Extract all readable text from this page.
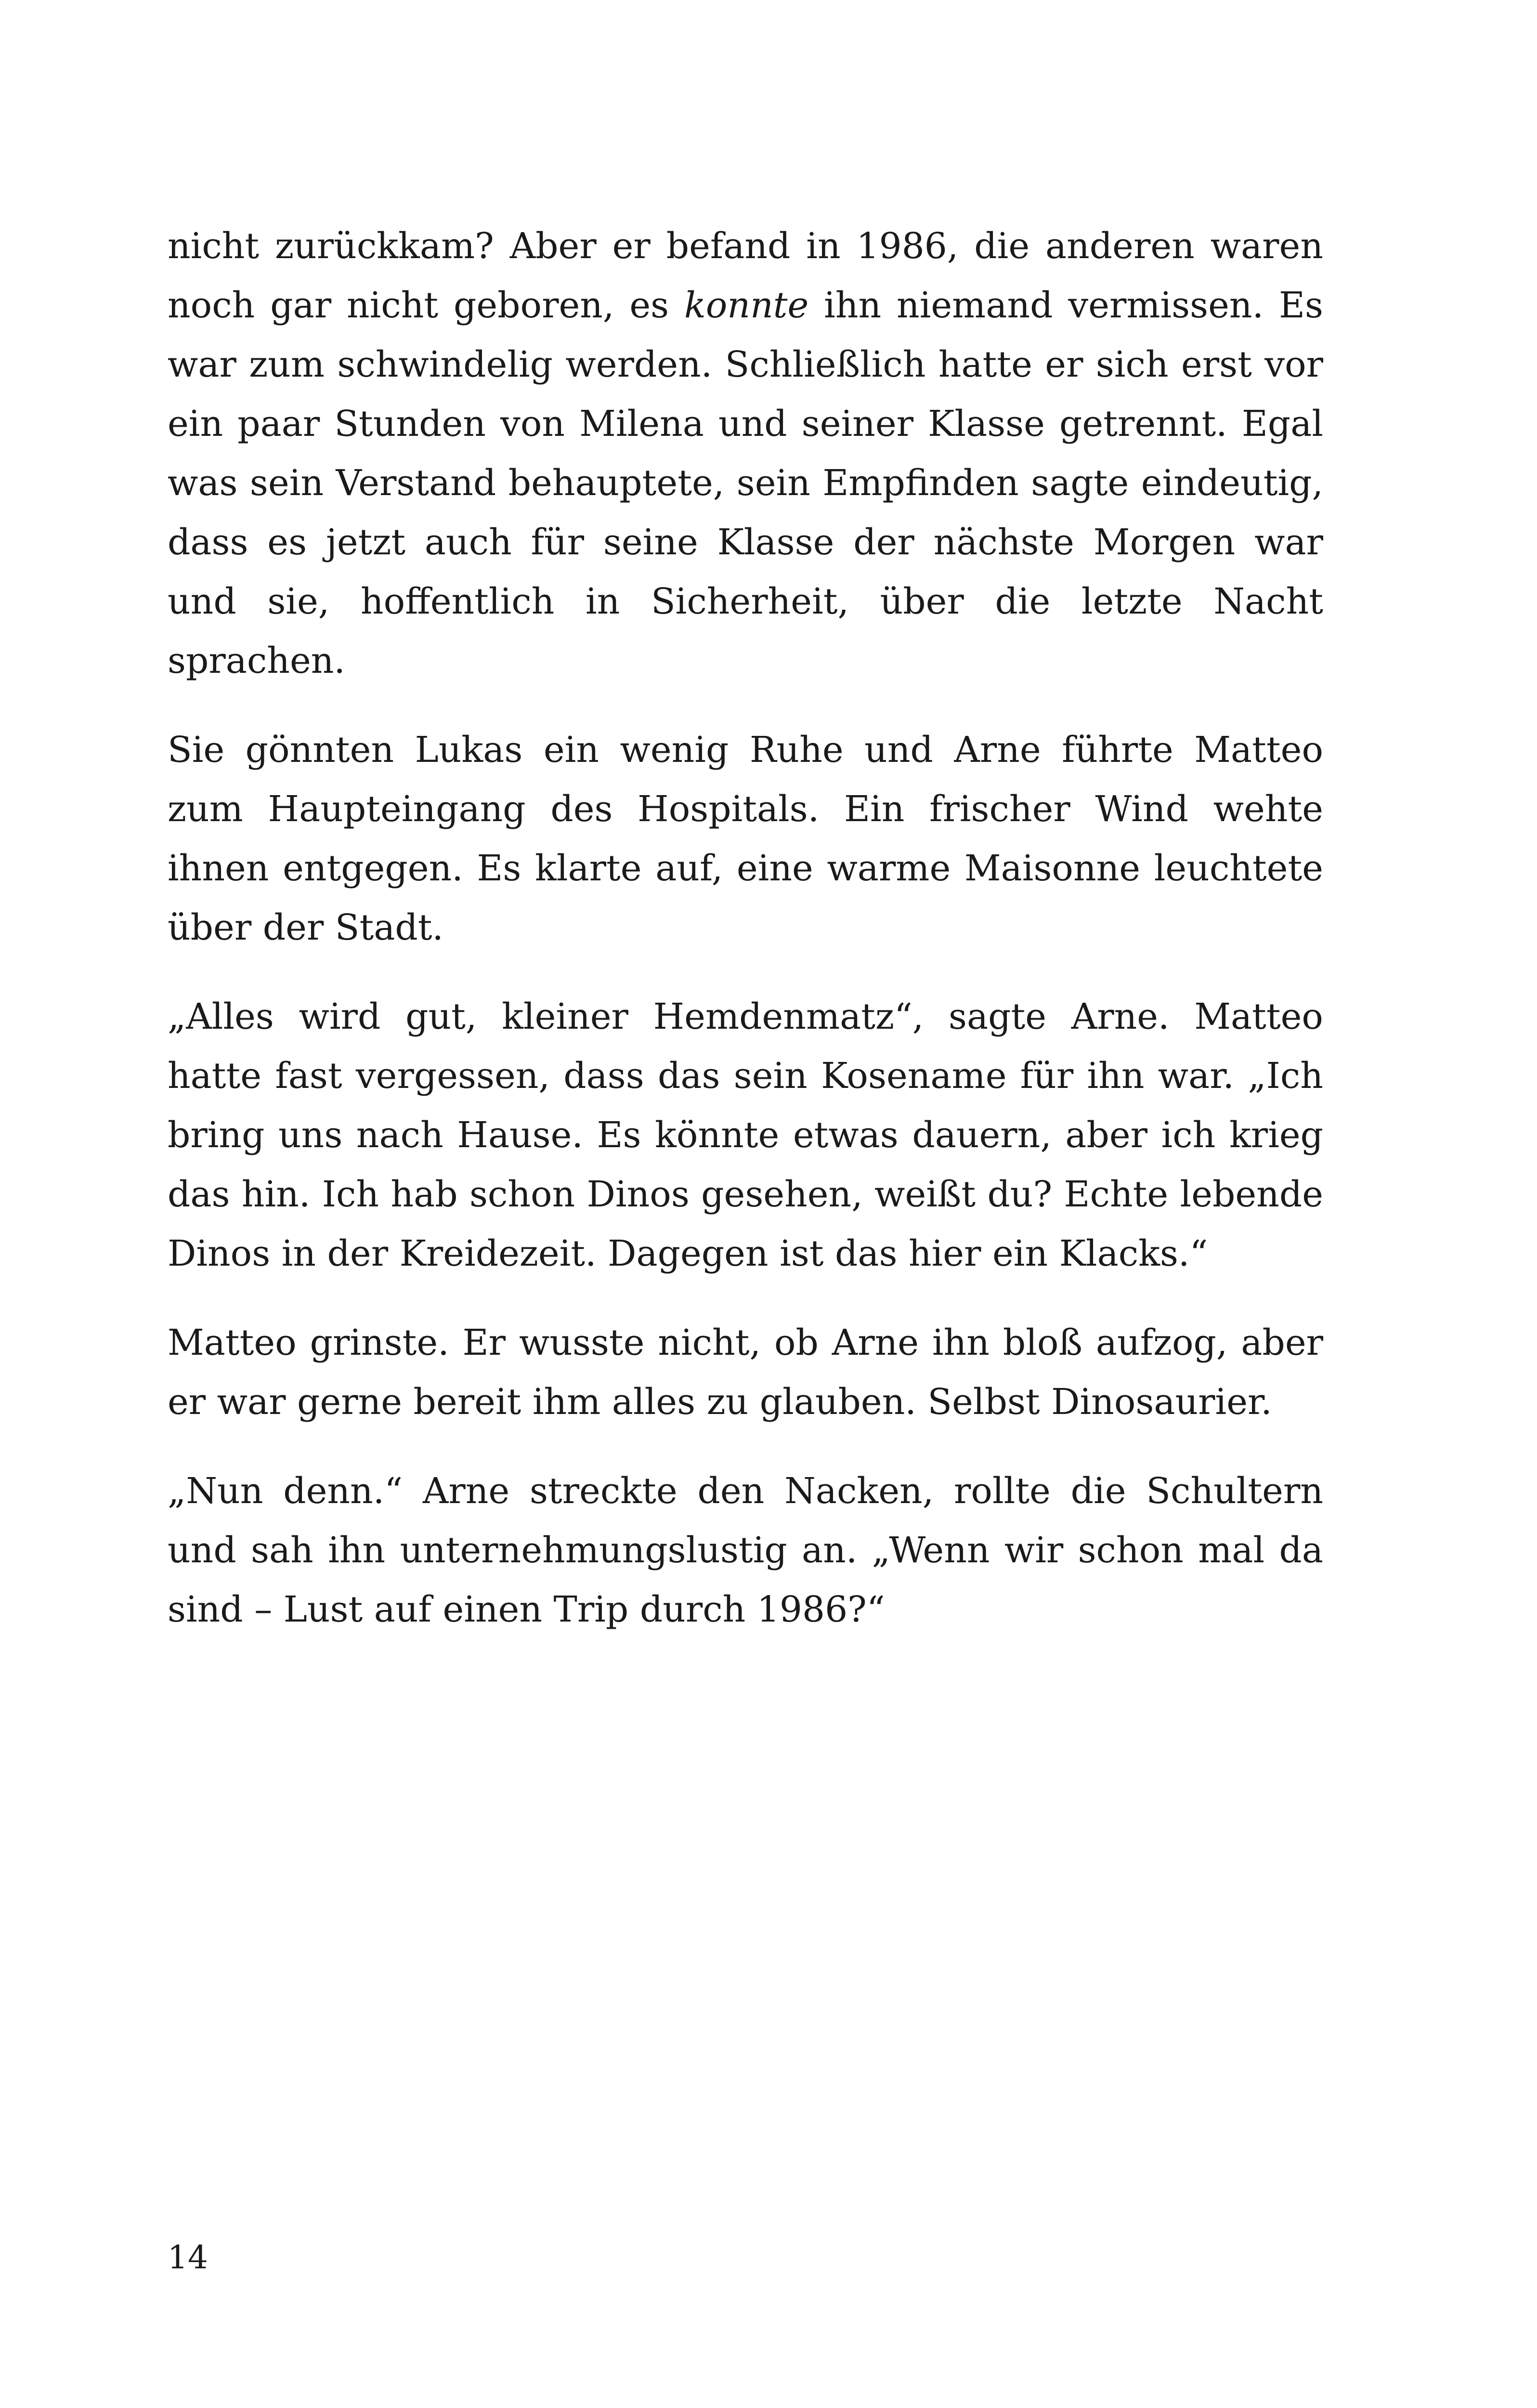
nicht zurückkam? Aber er befand in 1986, die anderen waren noch gar nicht geboren, es konnte ihn niemand vermissen. Es war zum schwindelig werden. Schließlich hatte er sich erst vor ein paar Stunden von Milena und seiner Klasse getrennt. Egal was sein Verstand behauptete, sein Empfinden sagte eindeutig, dass es jetzt auch für seine Klasse der nächste Morgen war und sie, hoffentlich in Sicherheit, über die letzte Nacht sprachen.

Sie gönnten Lukas ein wenig Ruhe und Arne führte Matteo zum Haupteingang des Hospitals. Ein frischer Wind wehte ihnen entgegen. Es klarte auf, eine warme Maisonne leuchtete über der Stadt.

„Alles wird gut, kleiner Hemdenmatz“, sagte Arne. Matteo hatte fast vergessen, dass das sein Kosename für ihn war. „Ich bring uns nach Hause. Es könnte etwas dauern, aber ich krieg das hin. Ich hab schon Dinos gesehen, weißt du? Echte lebende Dinos in der Kreidezeit. Dagegen ist das hier ein Klacks.“

Matteo grinste. Er wusste nicht, ob Arne ihn bloß aufzog, aber er war gerne bereit ihm alles zu glauben. Selbst Dinosaurier.

„Nun denn.“ Arne streckte den Nacken, rollte die Schultern und sah ihn unternehmungslustig an. „Wenn wir schon mal da sind – Lust auf einen Trip durch 1986?“

14
